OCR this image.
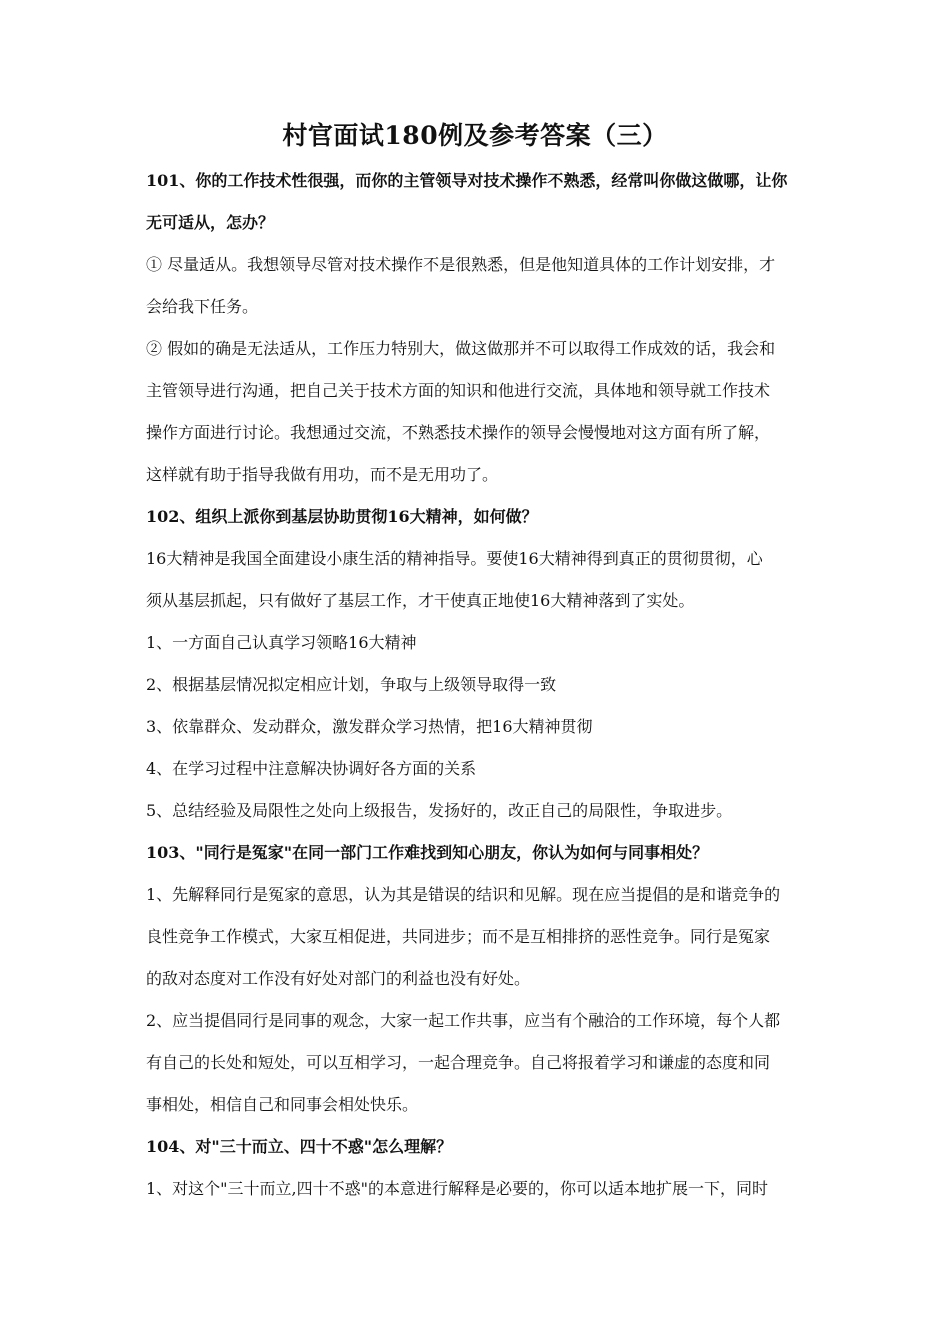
村官面试180例及参考答案（三）
101、你的工作技术性很强，而你的主管领导对技术操作不熟悉，经常叫你做这做哪，让你
无可适从，怎办？
① 尽量适从。我想领导尽管对技术操作不是很熟悉，但是他知道具体的工作计划安排，才
会给我下任务。
② 假如的确是无法适从，工作压力特别大，做这做那并不可以取得工作成效的话，我会和
主管领导进行沟通，把自己关于技术方面的知识和他进行交流，具体地和领导就工作技术
操作方面进行讨论。我想通过交流，不熟悉技术操作的领导会慢慢地对这方面有所了解，
这样就有助于指导我做有用功，而不是无用功了。
102、组织上派你到基层协助贯彻16大精神，如何做？
16大精神是我国全面建设小康生活的精神指导。要使16大精神得到真正的贯彻贯彻，心
须从基层抓起，只有做好了基层工作，才干使真正地使16大精神落到了实处。
1、一方面自己认真学习领略16大精神
2、根据基层情况拟定相应计划，争取与上级领导取得一致
3、依靠群众、发动群众，激发群众学习热情，把16大精神贯彻
4、在学习过程中注意解决协调好各方面的关系
5、总结经验及局限性之处向上级报告，发扬好的，改正自己的局限性，争取进步。
103、"同行是冤家"在同一部门工作难找到知心朋友，你认为如何与同事相处？
1、先解释同行是冤家的意思，认为其是错误的结识和见解。现在应当提倡的是和谐竞争的
良性竞争工作模式，大家互相促进，共同进步；而不是互相排挤的恶性竞争。同行是冤家
的敌对态度对工作没有好处对部门的利益也没有好处。
2、应当提倡同行是同事的观念，大家一起工作共事，应当有个融洽的工作环境，每个人都
有自己的长处和短处，可以互相学习，一起合理竞争。自己将报着学习和谦虚的态度和同
事相处，相信自己和同事会相处快乐。
104、对"三十而立、四十不惑"怎么理解？
1、对这个"三十而立,四十不惑"的本意进行解释是必要的，你可以适本地扩展一下，同时
